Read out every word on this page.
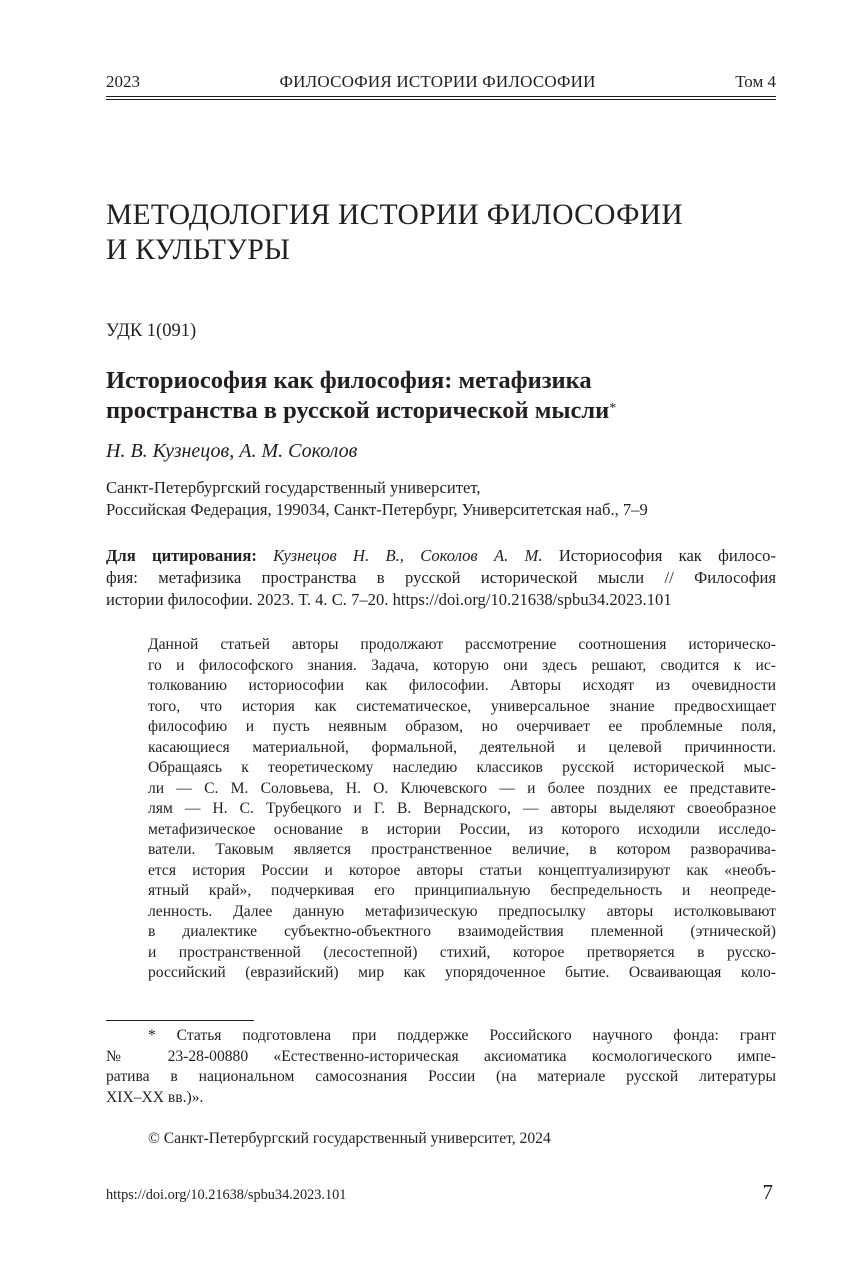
2023	ФИЛОСОФИЯ ИСТОРИИ ФИЛОСОФИИ	Том 4
МЕТОДОЛОГИЯ ИСТОРИИ ФИЛОСОФИИ
И КУЛЬТУРЫ
УДК 1(091)
Историософия как философия: метафизика
пространства в русской исторической мысли*
Н. В. Кузнецов, А. М. Соколов
Санкт-Петербургский государственный университет,
Российская Федерация, 199034, Санкт-Петербург, Университетская наб., 7–9
Для цитирования: Кузнецов Н. В., Соколов А. М. Историософия как филосо-
фия: метафизика пространства в русской исторической мысли // Философия
истории философии. 2023. Т. 4. С. 7–20. https://doi.org/10.21638/spbu34.2023.101
Данной статьей авторы продолжают рассмотрение соотношения историческо-
го и философского знания. Задача, которую они здесь решают, сводится к ис-
толкованию историософии как философии. Авторы исходят из очевидности
того, что история как систематическое, универсальное знание предвосхищает
философию и пусть неявным образом, но очерчивает ее проблемные поля,
касающиеся материальной, формальной, деятельной и целевой причинности.
Обращаясь к теоретическому наследию классиков русской исторической мыс-
ли — С. М. Соловьева, Н. О. Ключевского — и более поздних ее представите-
лям — Н. С. Трубецкого и Г. В. Вернадского, — авторы выделяют своеобразное
метафизическое основание в истории России, из которого исходили исследо-
ватели. Таковым является пространственное величие, в котором разворачива-
ется история России и которое авторы статьи концептуализируют как «необъ-
ятный край», подчеркивая его принципиальную беспредельность и неопреде-
ленность. Далее данную метафизическую предпосылку авторы истолковывают
в диалектике субъектно-объектного взаимодействия племенной (этнической)
и пространственной (лесостепной) стихий, которое претворяется в русско-
российский (евразийский) мир как упорядоченное бытие. Осваивающая коло-
* Статья подготовлена при поддержке Российского научного фонда: грант
№ 23-28-00880 «Естественно-историческая аксиоматика космологического импе-
ратива в национальном самосознания России (на материале русской литературы
XIX–XX вв.)».
© Санкт-Петербургский государственный университет, 2024
https://doi.org/10.21638/spbu34.2023.101	7
